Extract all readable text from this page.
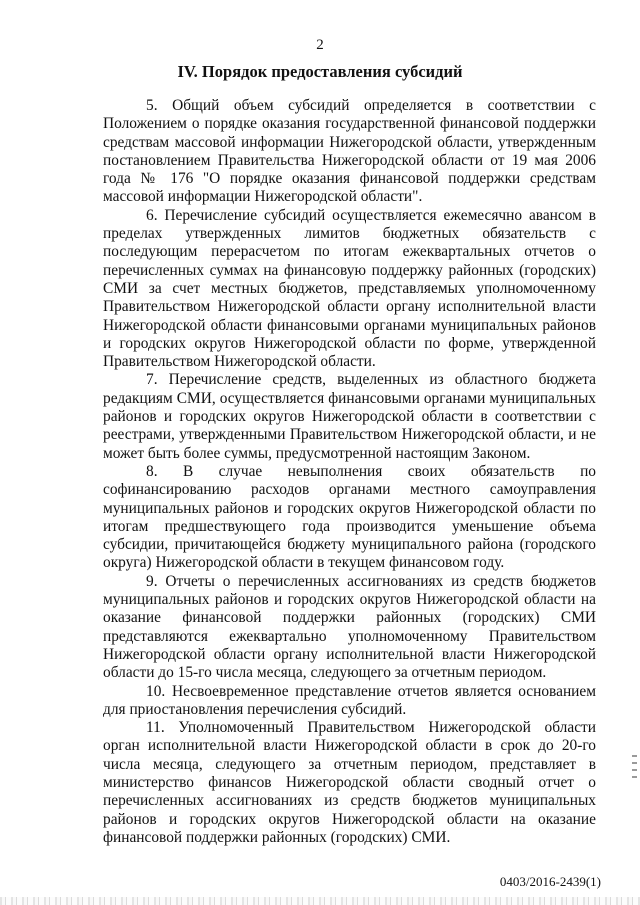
2
IV. Порядок предоставления субсидий

5. Общий объем субсидий определяется в соответствии с Положением о порядке оказания государственной финансовой поддержки средствам массовой информации Нижегородской области, утвержденным постановлением Правительства Нижегородской области от 19 мая 2006 года № 176 "О порядке оказания финансовой поддержки средствам массовой информации Нижегородской области".

6. Перечисление субсидий осуществляется ежемесячно авансом в пределах утвержденных лимитов бюджетных обязательств с последующим перерасчетом по итогам ежеквартальных отчетов о перечисленных суммах на финансовую поддержку районных (городских) СМИ за счет местных бюджетов, представляемых уполномоченному Правительством Нижегородской области органу исполнительной власти Нижегородской области финансовыми органами муниципальных районов и городских округов Нижегородской области по форме, утвержденной Правительством Нижегородской области.

7. Перечисление средств, выделенных из областного бюджета редакциям СМИ, осуществляется финансовыми органами муниципальных районов и городских округов Нижегородской области в соответствии с реестрами, утвержденными Правительством Нижегородской области, и не может быть более суммы, предусмотренной настоящим Законом.

8. В случае невыполнения своих обязательств по софинансированию расходов органами местного самоуправления муниципальных районов и городских округов Нижегородской области по итогам предшествующего года производится уменьшение объема субсидии, причитающейся бюджету муниципального района (городского округа) Нижегородской области в текущем финансовом году.

9. Отчеты о перечисленных ассигнованиях из средств бюджетов муниципальных районов и городских округов Нижегородской области на оказание финансовой поддержки районных (городских) СМИ представляются ежеквартально уполномоченному Правительством Нижегородской области органу исполнительной власти Нижегородской области до 15-го числа месяца, следующего за отчетным периодом.

10. Несвоевременное представление отчетов является основанием для приостановления перечисления субсидий.

11. Уполномоченный Правительством Нижегородской области орган исполнительной власти Нижегородской области в срок до 20-го числа месяца, следующего за отчетным периодом, представляет в министерство финансов Нижегородской области сводный отчет о перечисленных ассигнованиях из средств бюджетов муниципальных районов и городских округов Нижегородской области на оказание финансовой поддержки районных (городских) СМИ.

0403/2016-2439(1)
